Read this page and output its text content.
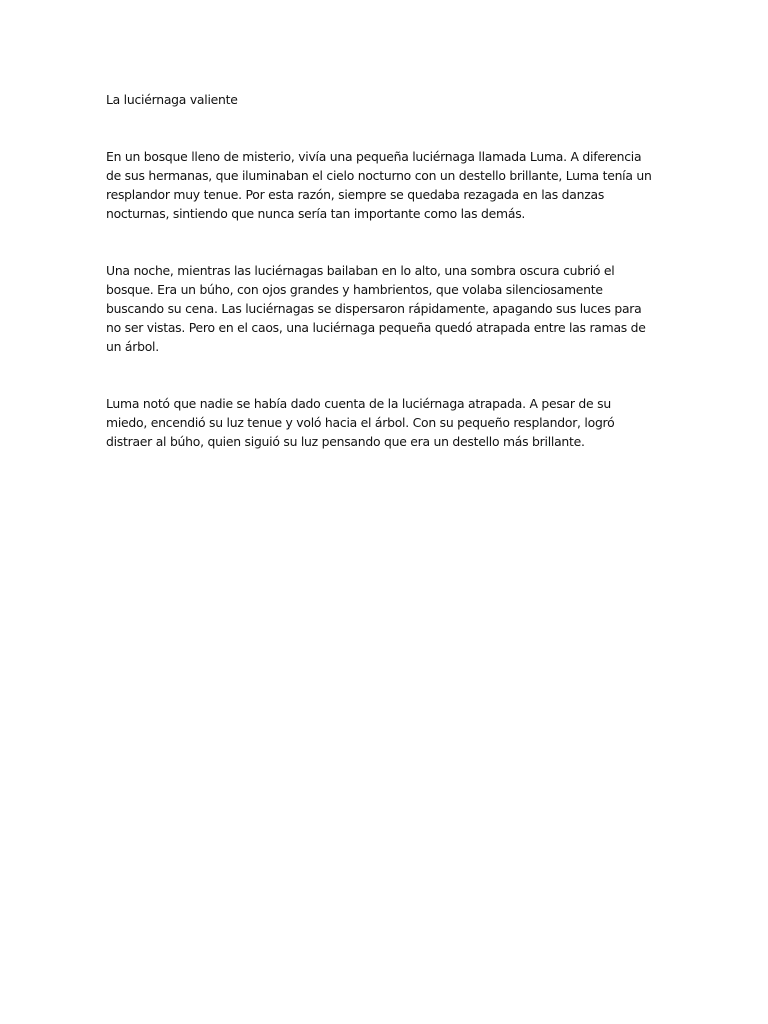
La luciérnaga valiente

En un bosque lleno de misterio, vivía una pequeña luciérnaga llamada Luma. A diferencia de sus hermanas, que iluminaban el cielo nocturno con un destello brillante, Luma tenía un resplandor muy tenue. Por esta razón, siempre se quedaba rezagada en las danzas nocturnas, sintiendo que nunca sería tan importante como las demás.

Una noche, mientras las luciérnagas bailaban en lo alto, una sombra oscura cubrió el bosque. Era un búho, con ojos grandes y hambrientos, que volaba silenciosamente buscando su cena. Las luciérnagas se dispersaron rápidamente, apagando sus luces para no ser vistas. Pero en el caos, una luciérnaga pequeña quedó atrapada entre las ramas de un árbol.

Luma notó que nadie se había dado cuenta de la luciérnaga atrapada. A pesar de su miedo, encendió su luz tenue y voló hacia el árbol. Con su pequeño resplandor, logró distraer al búho, quien siguió su luz pensando que era un destello más brillante.
